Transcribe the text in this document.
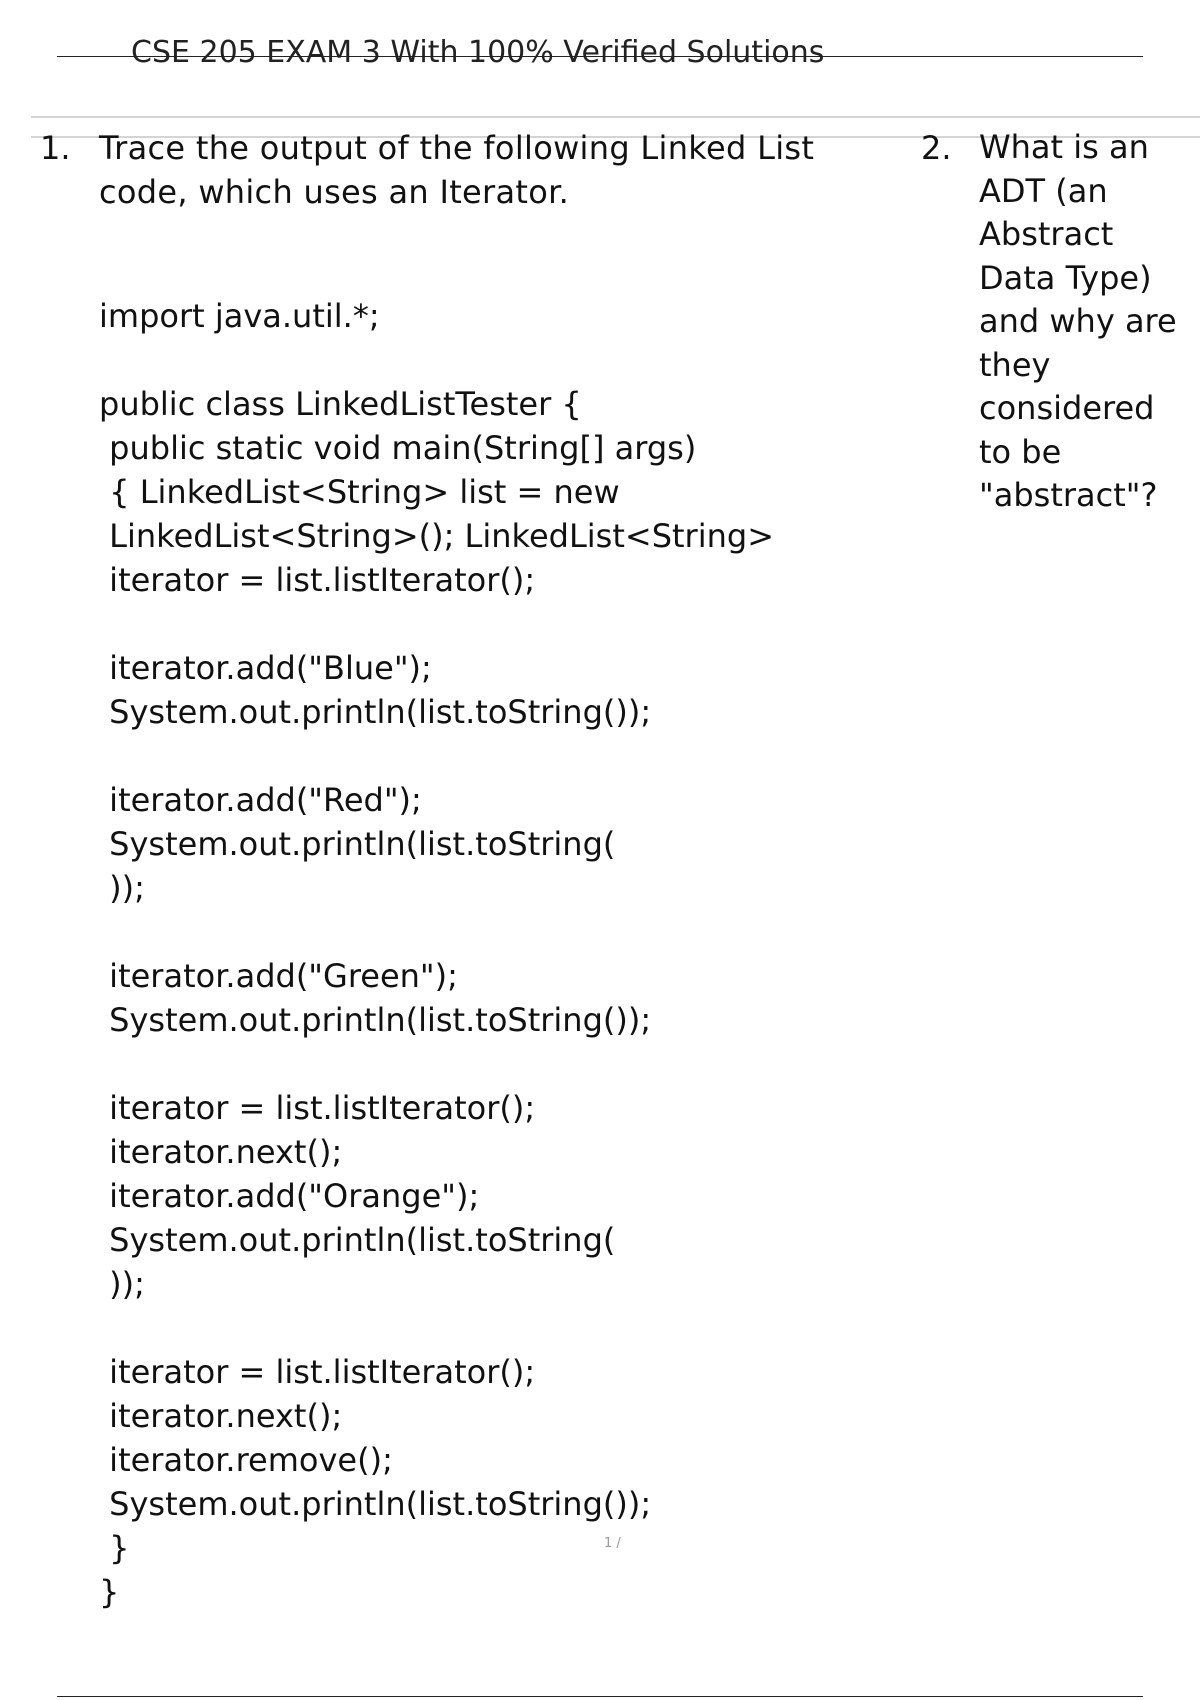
CSE 205 EXAM 3 With 100% Verified Solutions
1. Trace the output of the following Linked List code, which uses an Iterator.

import java.util.*;

public class LinkedListTester {
public static void main(String[] args)
{ LinkedList<String> list = new
LinkedList<String>(); LinkedList<String>
iterator = list.listIterator();

iterator.add("Blue");
System.out.println(list.toString());

iterator.add("Red");
System.out.println(list.toString(
));

iterator.add("Green");
System.out.println(list.toString());

iterator = list.listIterator();
iterator.next();
iterator.add("Orange");
System.out.println(list.toString(
));

iterator = list.listIterator();
iterator.next();
iterator.remove();
System.out.println(list.toString());
}
}
2. What is an ADT (an Abstract Data Type) and why are they considered to be "abstract"?

1 /
